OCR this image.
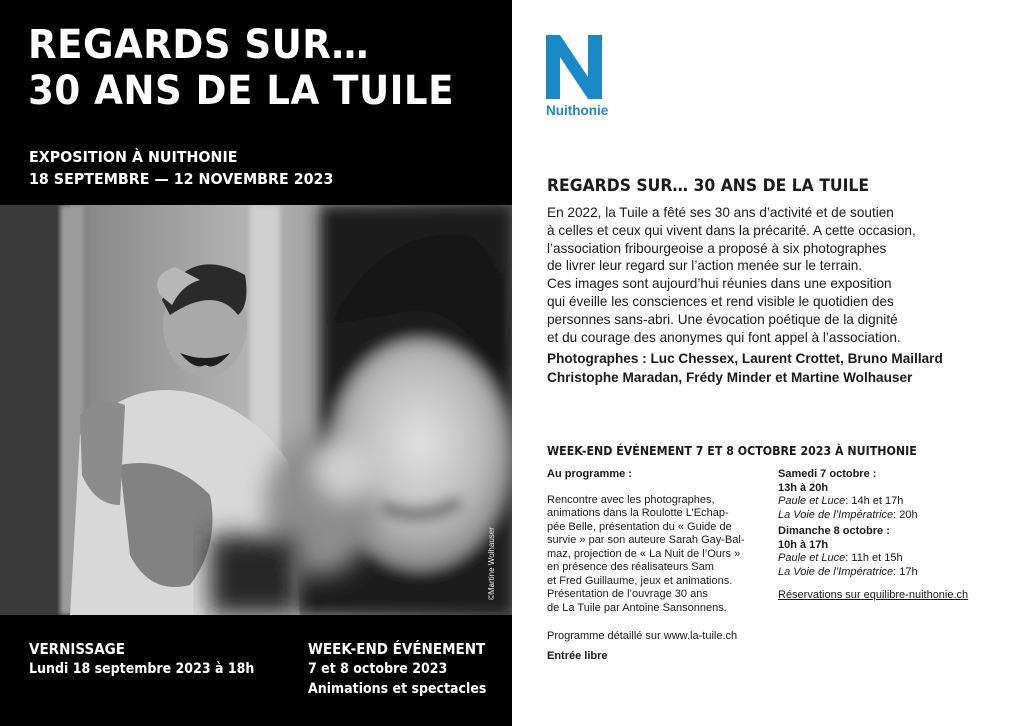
REGARDS SUR…
30 ANS DE LA TUILE
EXPOSITION À NUITHONIE
18 SEPTEMBRE — 12 NOVEMBRE 2023
©Martine Wolhauser
VERNISSAGE
Lundi 18 septembre 2023 à 18h
WEEK-END ÉVÉNEMENT
7 et 8 octobre 2023
Animations et spectacles
Nuithonie
REGARDS SUR… 30 ANS DE LA TUILE
En 2022, la Tuile a fêté ses 30 ans d’activité et de soutien
à celles et ceux qui vivent dans la précarité. A cette occasion,
l’association fribourgeoise a proposé à six photographes
de livrer leur regard sur l’action menée sur le terrain.
Ces images sont aujourd’hui réunies dans une exposition
qui éveille les consciences et rend visible le quotidien des
personnes sans-abri. Une évocation poétique de la dignité
et du courage des anonymes qui font appel à l’association.
Photographes : Luc Chessex, Laurent Crottet, Bruno Maillard
Christophe Maradan, Frédy Minder et Martine Wolhauser
WEEK-END ÉVÉNEMENT 7 ET 8 OCTOBRE 2023 À NUITHONIE
Au programme :
Rencontre avec les photographes,
animations dans la Roulotte L’Echap-
pée Belle, présentation du « Guide de
survie » par son auteure Sarah Gay-Bal-
maz, projection de « La Nuit de l’Ours »
en présence des réalisateurs Sam
et Fred Guillaume, jeux et animations.
Présentation de l’ouvrage 30 ans
de La Tuile par Antoine Sansonnens.
Programme détaillé sur www.la-tuile.ch
Entrée libre
Samedi 7 octobre :
13h à 20h
Paule et Luce: 14h et 17h
La Voie de l’Impératrice: 20h
Dimanche 8 octobre :
10h à 17h
Paule et Luce: 11h et 15h
La Voie de l’Impératrice: 17h
Réservations sur equilibre-nuithonie.ch
